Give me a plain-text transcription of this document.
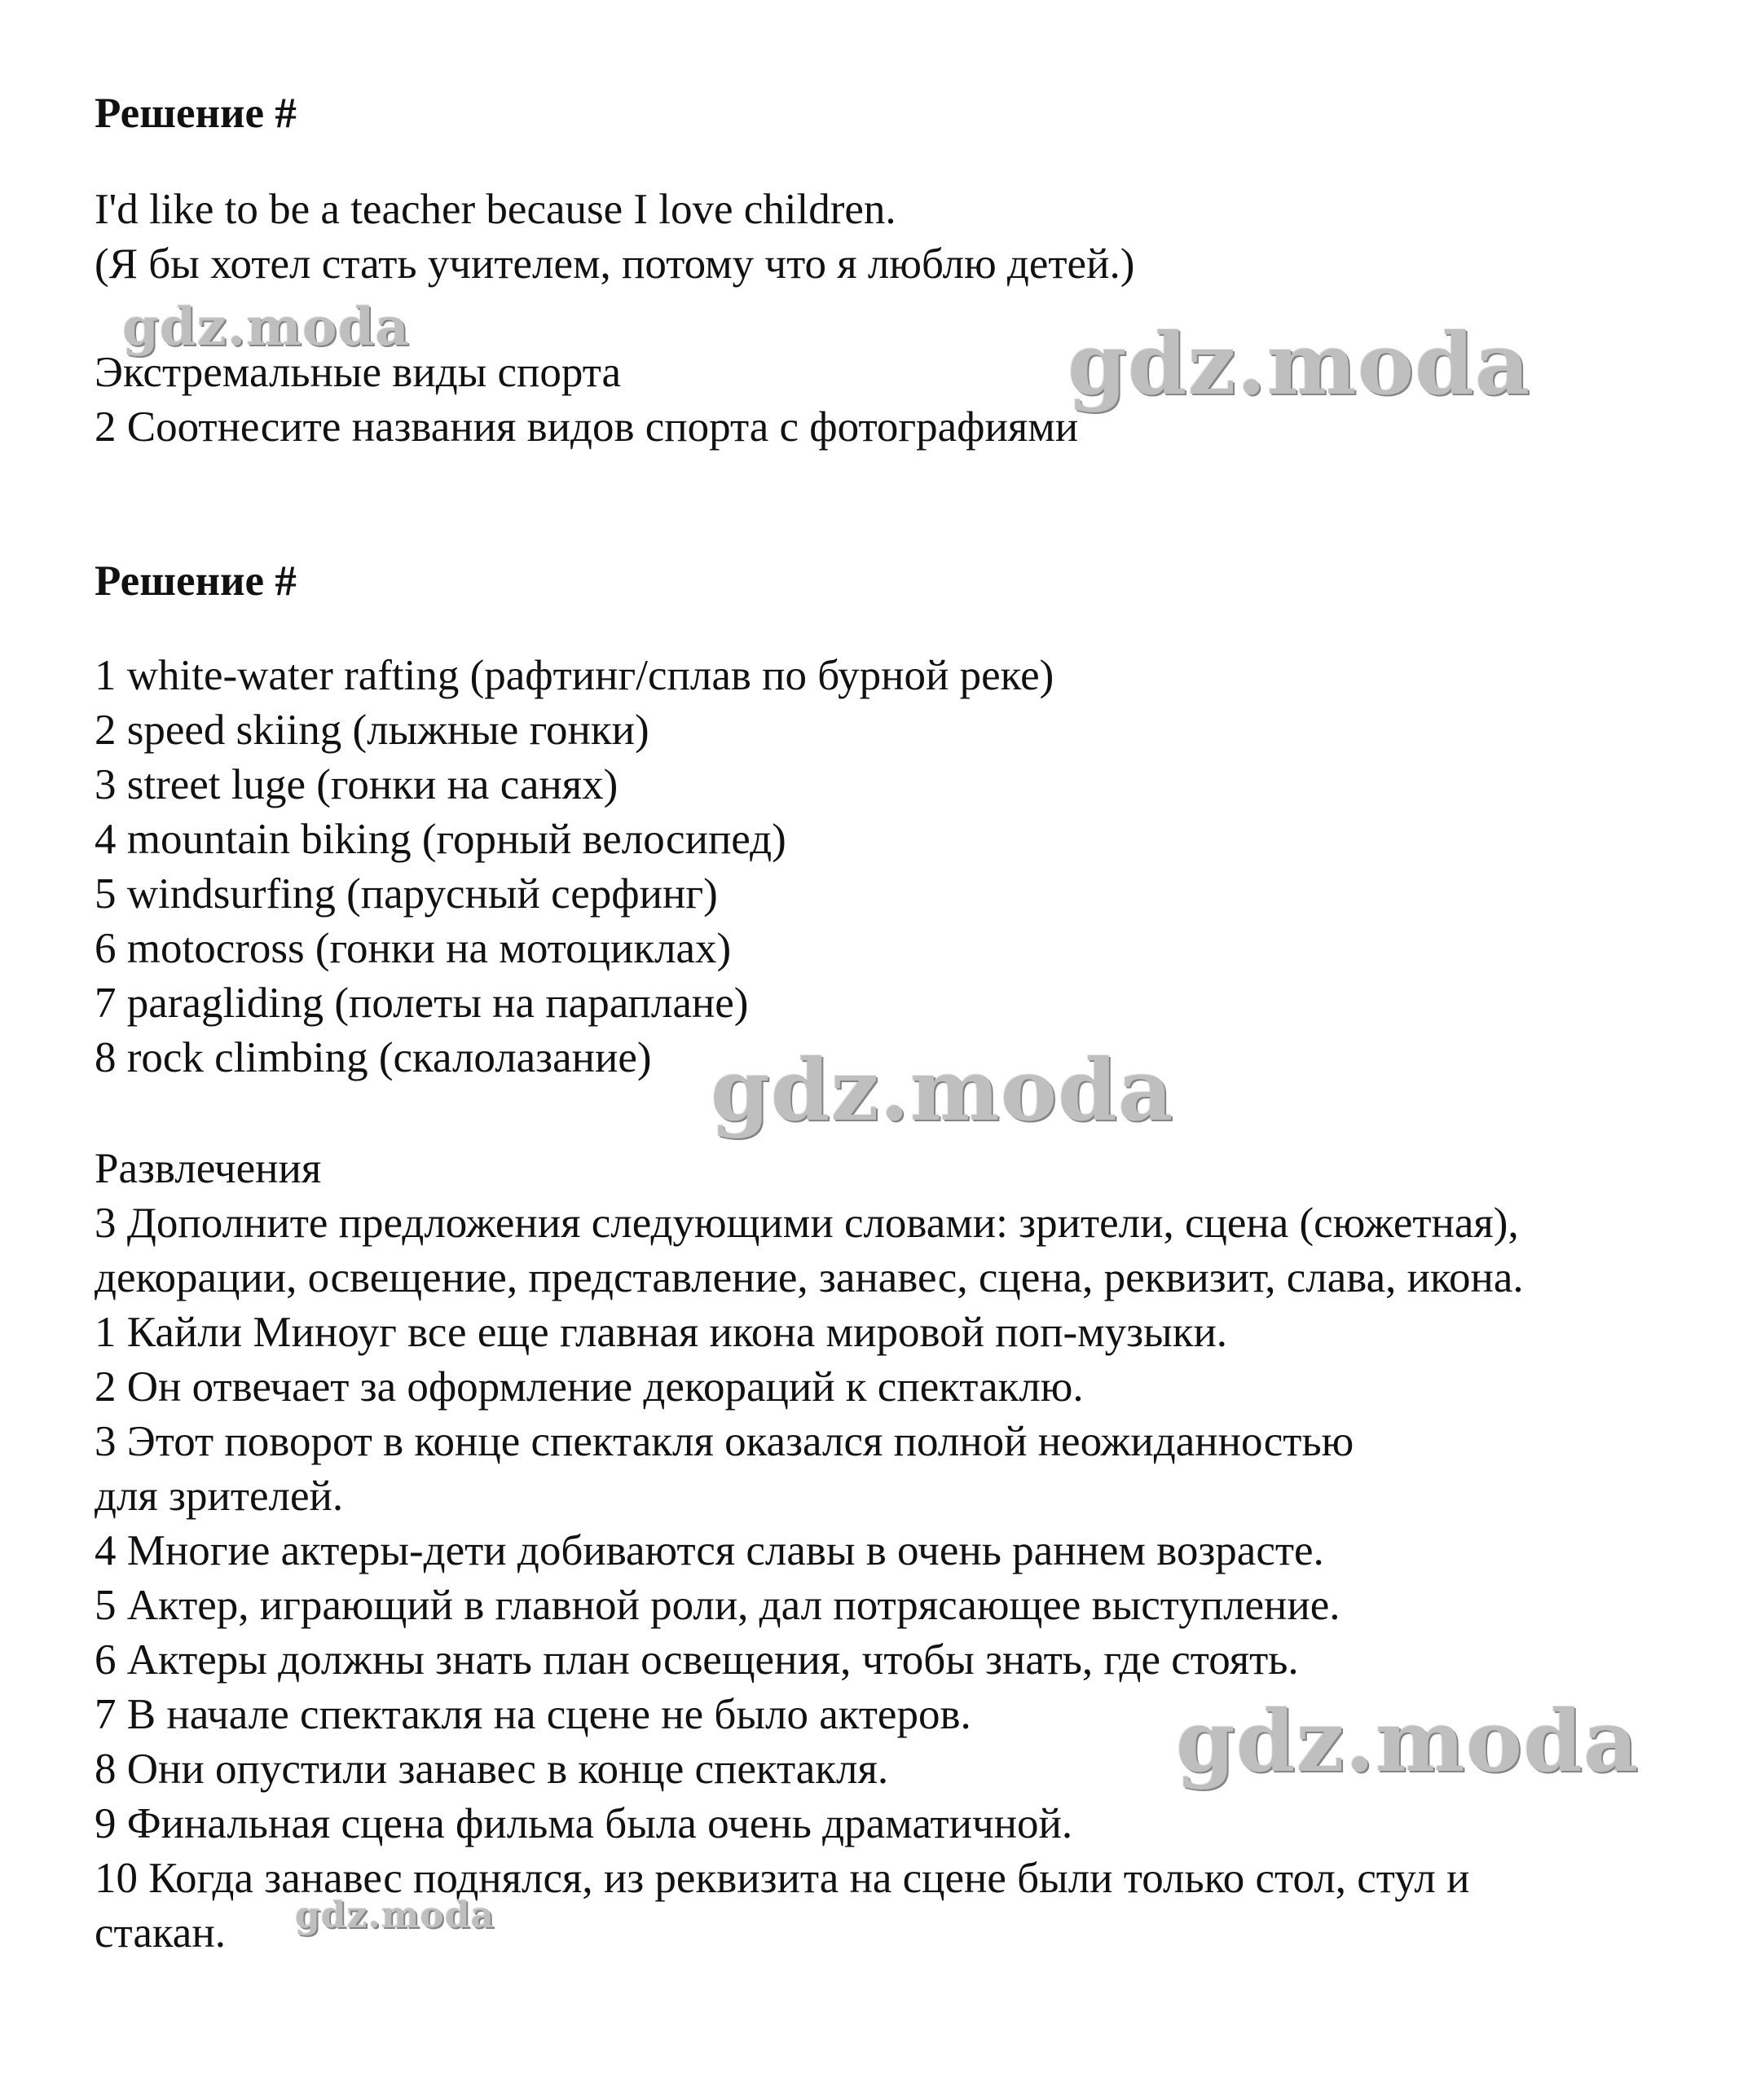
Решение #
I'd like to be a teacher because I love children.
(Я бы хотел стать учителем, потому что я люблю детей.)
Экстремальные виды спорта
2 Соотнесите названия видов спорта с фотографиями
Решение #
1 white-water rafting (рафтинг/сплав по бурной реке)
2 speed skiing (лыжные гонки)
3 street luge (гонки на санях)
4 mountain biking (горный велосипед)
5 windsurfing (парусный серфинг)
6 motocross (гонки на мотоциклах)
7 paragliding (полеты на параплане)
8 rock climbing (скалолазание)
Развлечения
3 Дополните предложения следующими словами: зрители, сцена (сюжетная),
декорации, освещение, представление, занавес, сцена, реквизит, слава, икона.
1 Кайли Миноуг все еще главная икона мировой поп-музыки.
2 Он отвечает за оформление декораций к спектаклю.
3 Этот поворот в конце спектакля оказался полной неожиданностью
для зрителей.
4 Многие актеры-дети добиваются славы в очень раннем возрасте.
5 Актер, играющий в главной роли, дал потрясающее выступление.
6 Актеры должны знать план освещения, чтобы знать, где стоять.
7 В начале спектакля на сцене не было актеров.
8 Они опустили занавес в конце спектакля.
9 Финальная сцена фильма была очень драматичной.
10 Когда занавес поднялся, из реквизита на сцене были только стол, стул и
стакан.
gdz.moda	gdz.moda
gdz.moda
gdz.moda
gdz.moda
